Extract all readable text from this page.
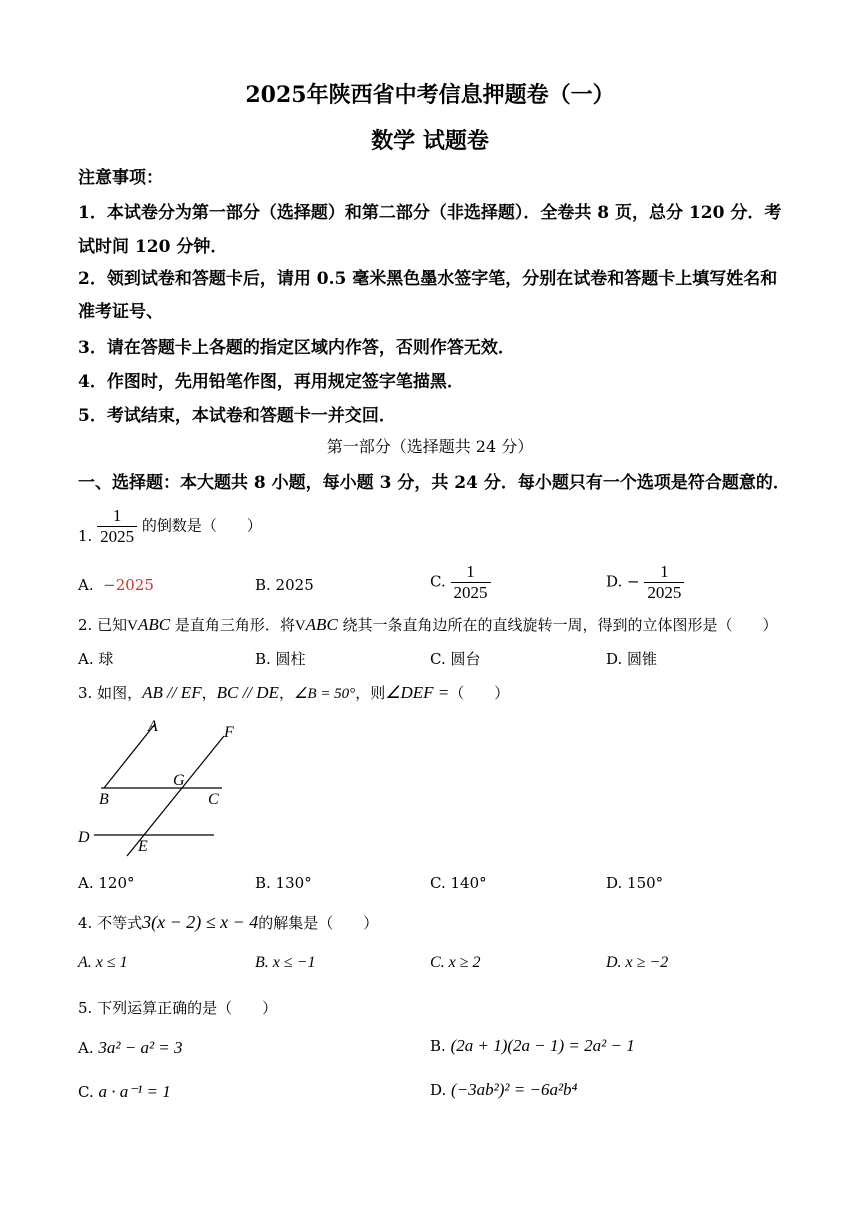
2025年陕西省中考信息押题卷（一）
数学 试题卷
注意事项：
1．本试卷分为第一部分（选择题）和第二部分（非选择题）．全卷共 8 页，总分 120 分．考
试时间 120 分钟．
2．领到试卷和答题卡后，请用 0.5 毫米黑色墨水签字笔，分别在试卷和答题卡上填写姓名和
准考证号、
3．请在答题卡上各题的指定区域内作答，否则作答无效．
4．作图时，先用铅笔作图，再用规定签字笔描黑．
5．考试结束，本试卷和答题卡一并交回．
第一部分（选择题共 24 分）
一、选择题：本大题共 8 小题，每小题 3 分，共 24 分．每小题只有一个选项是符合题意的．
1. $\frac{1}{2025}$ 的倒数是（　　）
A. −2025	B. 2025	C. $\frac{1}{2025}$	D. − $\frac{1}{2025}$
2. 已知VABC 是直角三角形．将VABC 绕其一条直角边所在的直线旋转一周，得到的立体图形是（　　）
A. 球	B. 圆柱	C. 圆台	D. 圆锥
3. 如图，AB // EF，BC // DE，∠B = 50°，则∠DEF =（　　）
A	F
G
B	C
D
E
A. 120°	B. 130°	C. 140°	D. 150°
4. 不等式3(x − 2) ≤ x − 4的解集是（　　）
A. x ≤ 1	B. x ≤ −1	C. x ≥ 2	D. x ≥ −2
5. 下列运算正确的是（　　）
A. 3a² − a² = 3	B. (2a + 1)(2a − 1) = 2a² − 1
C. a · a⁻¹ = 1	D. (−3ab²)² = −6a²b⁴
